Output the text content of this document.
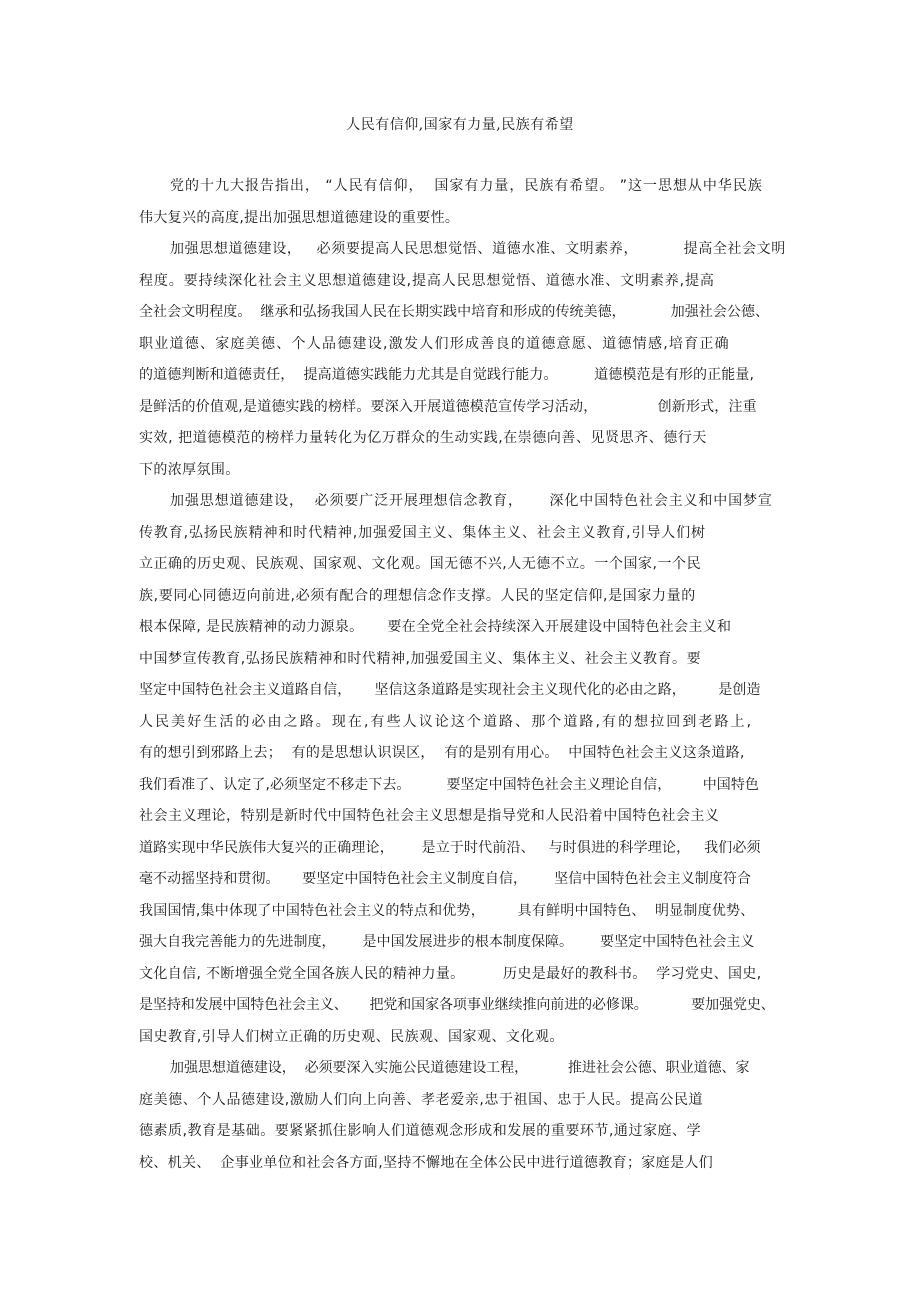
人民有信仰,国家有力量,民族有希望
党的十九大报告指出， “人民有信仰，  国家有力量，民族有希望。 ”这一思想从中华民族
伟大复兴的高度,提出加强思想道德建设的重要性。
加强思想道德建设，   必须要提高人民思想觉悟、道德水准、文明素养，         提高全社会文明
程度。要持续深化社会主义思想道德建设,提高人民思想觉悟、道德水准、文明素养,提高
全社会文明程度。  继承和弘扬我国人民在长期实践中培育和形成的传统美德，          加强社会公德、
职业道德、家庭美德、个人品德建设,激发人们形成善良的道德意愿、道德情感,培育正确
的道德判断和道德责任，  提高道德实践能力尤其是自觉践行能力。        道德模范是有形的正能量,
是鲜活的价值观,是道德实践的榜样。要深入开展道德模范宣传学习活动，             创新形式，注重
实效, 把道德模范的榜样力量转化为亿万群众的生动实践,在崇德向善、见贤思齐、德行天
下的浓厚氛围。
加强思想道德建设，  必须要广泛开展理想信念教育，     深化中国特色社会主义和中国梦宣
传教育,弘扬民族精神和时代精神,加强爱国主义、集体主义、社会主义教育,引导人们树
立正确的历史观、民族观、国家观、文化观。国无德不兴,人无德不立。一个国家,一个民
族,要同心同德迈向前进,必须有配合的理想信念作支撑。人民的坚定信仰,是国家力量的
根本保障, 是民族精神的动力源泉。     要在全党全社会持续深入开展建设中国特色社会主义和
中国梦宣传教育,弘扬民族精神和时代精神,加强爱国主义、集体主义、社会主义教育。要
坚定中国特色社会主义道路自信，     坚信这条道路是实现社会主义现代化的必由之路，       是创造
人民美好生活的必由之路。现在,有些人议论这个道路、那个道路,有的想拉回到老路上,
有的想引到邪路上去；  有的是思想认识误区，  有的是别有用心。  中国特色社会主义这条道路,
我们看准了、认定了,必须坚定不移走下去。        要坚定中国特色社会主义理论自信，       中国特色
社会主义理论，特别是新时代中国特色社会主义思想是指导党和人民沿着中国特色社会主义
道路实现中华民族伟大复兴的正确理论，      是立于时代前沿、   与时俱进的科学理论，   我们必须
毫不动摇坚持和贯彻。     要坚定中国特色社会主义制度自信，      坚信中国特色社会主义制度符合
我国国情,集中体现了中国特色社会主义的特点和优势，       具有鲜明中国特色、  明显制度优势、
强大自我完善能力的先进制度，      是中国发展进步的根本制度保障。      要坚定中国特色社会主义
文化自信, 不断增强全党全国各族人民的精神力量。        历史是最好的教科书。  学习党史、国史,
是坚持和发展中国特色社会主义、     把党和国家各项事业继续推向前进的必修课。          要加强党史、
国史教育,引导人们树立正确的历史观、民族观、国家观、文化观。
加强思想道德建设，  必须要深入实施公民道德建设工程，         推进社会公德、职业道德、家
庭美德、个人品德建设,激励人们向上向善、孝老爱亲,忠于祖国、忠于人民。提高公民道
德素质,教育是基础。要紧紧抓住影响人们道德观念形成和发展的重要环节,通过家庭、学
校、机关、  企事业单位和社会各方面,坚持不懈地在全体公民中进行道德教育；家庭是人们
